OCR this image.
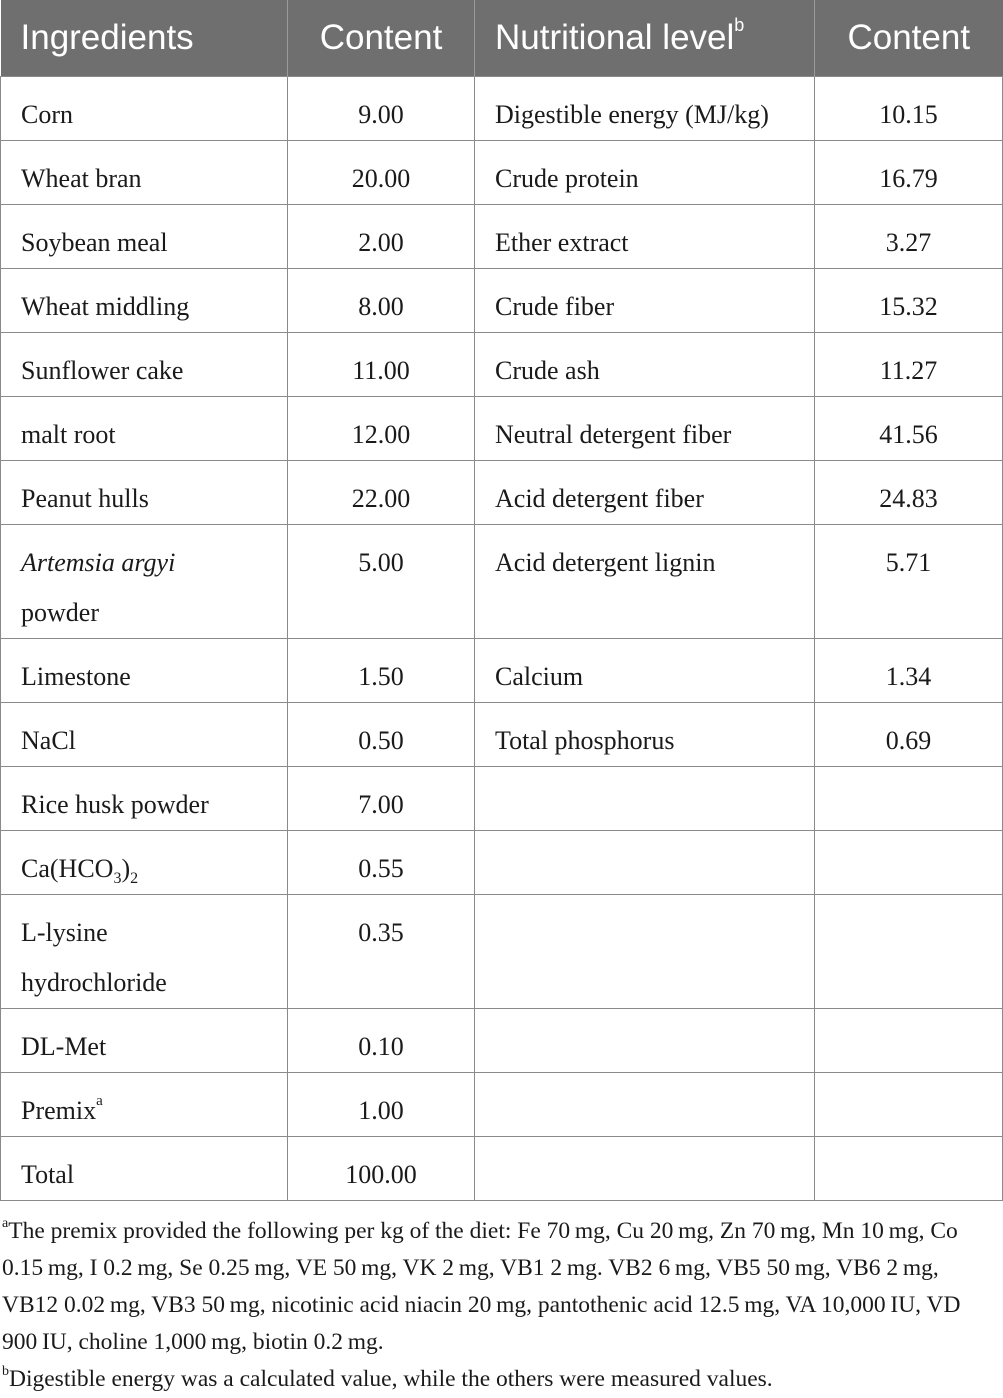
Ingredients	Content	Nutritional level$^b$	Content
Corn	9.00	Digestible energy (MJ/kg)	10.15
Wheat bran	20.00	Crude protein	16.79
Soybean meal	2.00	Ether extract	3.27
Wheat middling	8.00	Crude fiber	15.32
Sunflower cake	11.00	Crude ash	11.27
malt root	12.00	Neutral detergent fiber	41.56
Peanut hulls	22.00	Acid detergent fiber	24.83

Artemsia argyi
powder	5.00	Acid detergent lignin	5.71
Limestone	1.50	Calcium	1.34
NaCl	0.50	Total phosphorus	0.69
Rice husk powder	7.00		
$Ca(HCO_3)_2$	0.55		

L-lysine
hydrochloride	0.35		
DL-Met	0.10		
Premix$^a$	1.00		
Total	100.00		

$^a$The premix provided the following per kg of the diet: Fe 70 mg, Cu 20 mg, Zn 70 mg, Mn 10 mg, Co 0.15 mg, I 0.2 mg, Se 0.25 mg, VE 50 mg, VK 2 mg, VB1 2 mg. VB2 6 mg, VB5 50 mg, VB6 2 mg, VB12 0.02 mg, VB3 50 mg, nicotinic acid niacin 20 mg, pantothenic acid 12.5 mg, VA 10,000 IU, VD 900 IU, choline 1,000 mg, biotin 0.2 mg.

$^b$Digestible energy was a calculated value, while the others were measured values.
